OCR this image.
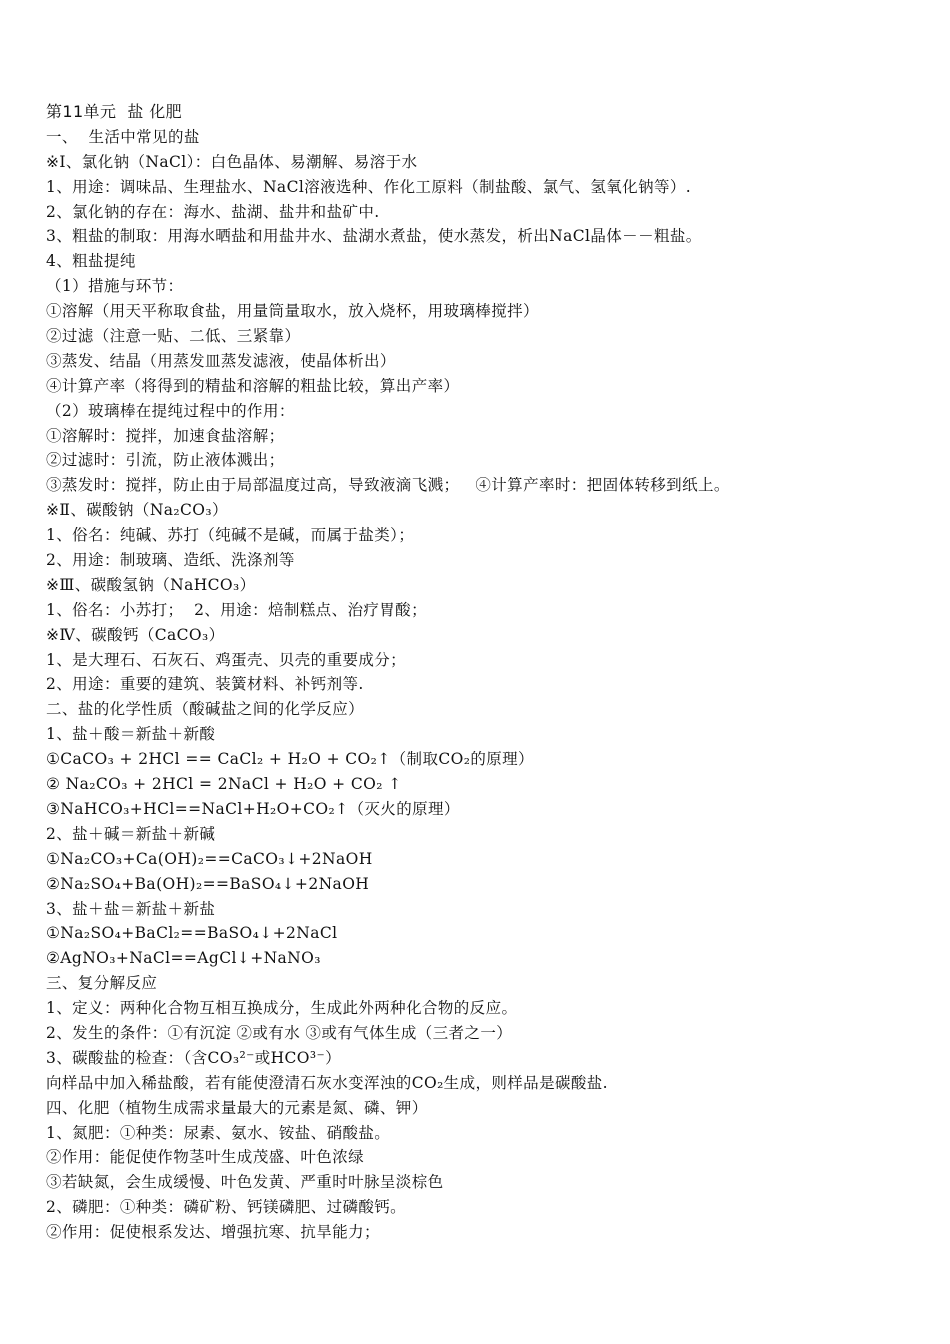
第11单元  盐 化肥
一、  生活中常见的盐
※Ⅰ、氯化钠（NaCl）：白色晶体、易潮解、易溶于水
1、用途：调味品、生理盐水、NaCl溶液选种、作化工原料（制盐酸、氯气、氢氧化钠等）.
2、氯化钠的存在：海水、盐湖、盐井和盐矿中.
3、粗盐的制取：用海水晒盐和用盐井水、盐湖水煮盐，使水蒸发，析出NaCl晶体－－粗盐。
4、粗盐提纯
（1）措施与环节：
①溶解（用天平称取食盐，用量筒量取水，放入烧杯，用玻璃棒搅拌）
②过滤（注意一贴、二低、三紧靠）
③蒸发、结晶（用蒸发皿蒸发滤液，使晶体析出）
④计算产率（将得到的精盐和溶解的粗盐比较，算出产率）
（2）玻璃棒在提纯过程中的作用：
①溶解时：搅拌，加速食盐溶解；
②过滤时：引流，防止液体溅出；
③蒸发时：搅拌，防止由于局部温度过高，导致液滴飞溅；   ④计算产率时：把固体转移到纸上。
※Ⅱ、碳酸钠（Na₂CO₃）
1、俗名：纯碱、苏打（纯碱不是碱，而属于盐类）；
2、用途：制玻璃、造纸、洗涤剂等
※Ⅲ、碳酸氢钠（NaHCO₃）
1、俗名：小苏打；  2、用途：焙制糕点、治疗胃酸；
※Ⅳ、碳酸钙（CaCO₃）
1、是大理石、石灰石、鸡蛋壳、贝壳的重要成分；
2、用途：重要的建筑、装簧材料、补钙剂等.
二、盐的化学性质（酸碱盐之间的化学反应）
1、盐＋酸＝新盐＋新酸
①CaCO₃ + 2HCl == CaCl₂ + H₂O + CO₂↑（制取CO₂的原理）
② Na₂CO₃ + 2HCl = 2NaCl + H₂O + CO₂ ↑
③NaHCO₃+HCl==NaCl+H₂O+CO₂↑（灭火的原理）
2、盐＋碱＝新盐＋新碱
①Na₂CO₃+Ca(OH)₂==CaCO₃↓+2NaOH
②Na₂SO₄+Ba(OH)₂==BaSO₄↓+2NaOH
3、盐＋盐＝新盐＋新盐
①Na₂SO₄+BaCl₂==BaSO₄↓+2NaCl
②AgNO₃+NaCl==AgCl↓+NaNO₃
三、复分解反应
1、定义：两种化合物互相互换成分，生成此外两种化合物的反应。
2、发生的条件：①有沉淀 ②或有水 ③或有气体生成（三者之一）
3、碳酸盐的检查：（含CO₃²⁻或HCO³⁻）
向样品中加入稀盐酸，若有能使澄清石灰水变浑浊的CO₂生成，则样品是碳酸盐.
四、化肥（植物生成需求量最大的元素是氮、磷、钾）
1、氮肥：①种类：尿素、氨水、铵盐、硝酸盐。
②作用：能促使作物茎叶生成茂盛、叶色浓绿
③若缺氮，会生成缓慢、叶色发黄、严重时叶脉呈淡棕色
2、磷肥：①种类：磷矿粉、钙镁磷肥、过磷酸钙。
②作用：促使根系发达、增强抗寒、抗旱能力；
